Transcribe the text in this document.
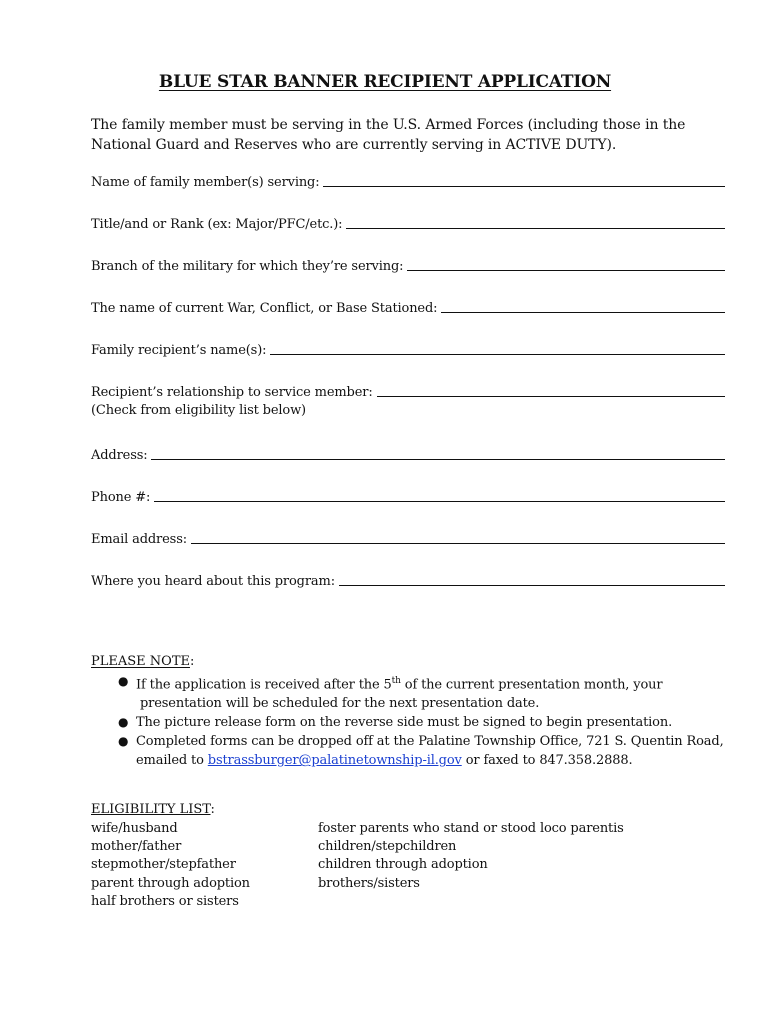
BLUE STAR BANNER RECIPIENT APPLICATION
The family member must be serving in the U.S. Armed Forces (including those in the National Guard and Reserves who are currently serving in ACTIVE DUTY).
Name of family member(s) serving:
Title/and or Rank (ex: Major/PFC/etc.):
Branch of the military for which they’re serving:
The name of current War, Conflict, or Base Stationed:
Family recipient’s name(s):
Recipient’s relationship to service member:
(Check from eligibility list below)
Address:
Phone #:
Email address:
Where you heard about this program:
PLEASE NOTE:
● If the application is received after the 5th of the current presentation month, your
presentation will be scheduled for the next presentation date.
● The picture release form on the reverse side must be signed to begin presentation.
● Completed forms can be dropped off at the Palatine Township Office, 721 S. Quentin Road,
emailed to bstrassburger@palatinetownship-il.gov or faxed to 847.358.2888.
ELIGIBILITY LIST:
wife/husband
mother/father
stepmother/stepfather
parent through adoption
half brothers or sisters
foster parents who stand or stood loco parentis
children/stepchildren
children through adoption
brothers/sisters
